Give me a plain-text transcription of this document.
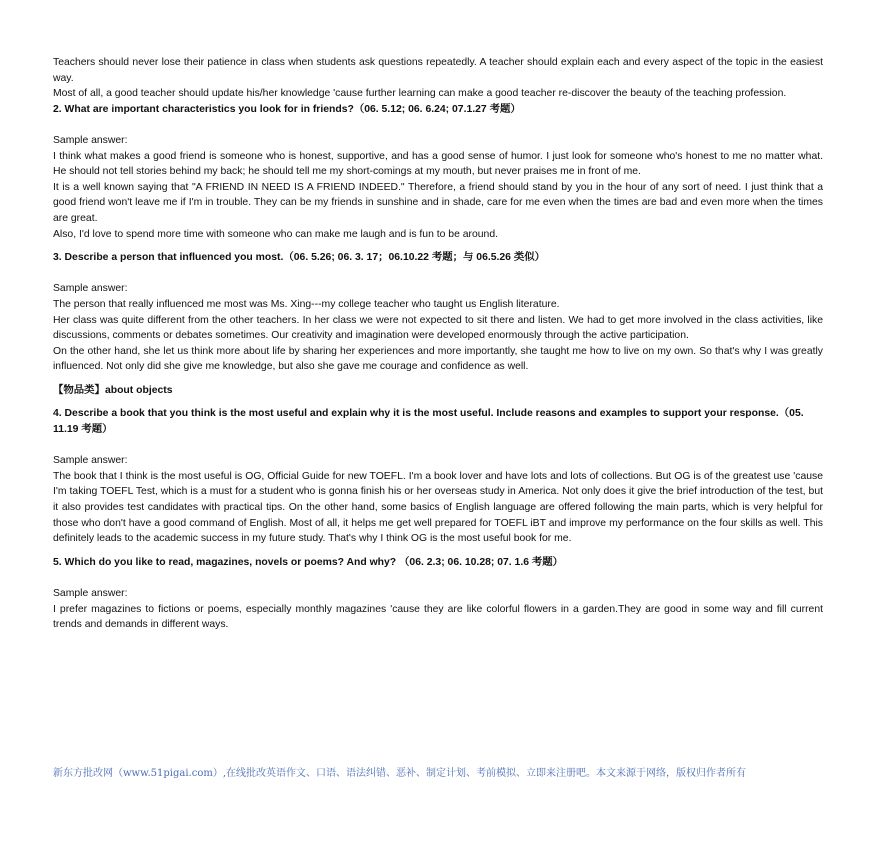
Teachers should never lose their patience in class when students ask questions repeatedly. A teacher should explain each and every aspect of the topic in the easiest way.

Most of all, a good teacher should update his/her knowledge 'cause further learning can make a good teacher re-discover the beauty of the teaching profession.

2. What are important characteristics you look for in friends?（06. 5.12; 06. 6.24; 07.1.27 考题）

Sample answer:

I think what makes a good friend is someone who is honest, supportive, and has a good sense of humor. I just look for someone who's honest to me no matter what. He should not tell stories behind my back; he should tell me my short-comings at my mouth, but never praises me in front of me.

It is a well known saying that "A FRIEND IN NEED IS A FRIEND INDEED." Therefore, a friend should stand by you in the hour of any sort of need. I just think that a good friend won't leave me if I'm in trouble. They can be my friends in sunshine and in shade, care for me even when the times are bad and even more when the times are great.

Also, I'd love to spend more time with someone who can make me laugh and is fun to be around.

3. Describe a person that influenced you most.（06. 5.26; 06. 3. 17；06.10.22 考题；与 06.5.26 类似）

Sample answer:

The person that really influenced me most was Ms. Xing---my college teacher who taught us English literature.

Her class was quite different from the other teachers. In her class we were not expected to sit there and listen. We had to get more involved in the class activities, like discussions, comments or debates sometimes. Our creativity and imagination were developed enormously through the active participation.

On the other hand, she let us think more about life by sharing her experiences and more importantly, she taught me how to live on my own. So that's why I was greatly influenced. Not only did she give me knowledge, but also she gave me courage and confidence as well.

【物品类】about objects

4. Describe a book that you think is the most useful and explain why it is the most useful. Include reasons and examples to support your response.（05. 11.19 考题）

Sample answer:

The book that I think is the most useful is OG, Official Guide for new TOEFL. I'm a book lover and have lots and lots of collections. But OG is of the greatest use 'cause I'm taking TOEFL Test, which is a must for a student who is gonna finish his or her overseas study in America. Not only does it give the brief introduction of the test, but it also provides test candidates with practical tips. On the other hand, some basics of English language are offered following the main parts, which is very helpful for those who don't have a good command of English. Most of all, it helps me get well prepared for TOEFL iBT and improve my performance on the four skills as well. This definitely leads to the academic success in my future study. That's why I think OG is the most useful book for me.

5. Which do you like to read, magazines, novels or poems? And why? （06. 2.3; 06. 10.28; 07. 1.6 考题）

Sample answer:

I prefer magazines to fictions or poems, especially monthly magazines 'cause they are like colorful flowers in a garden.They are good in some way and fill current trends and demands in different ways.

新东方批改网（www.51pigai.com）,在线批改英语作文、口语、语法纠错、恶补、制定计划、考前模拟、立即来注册吧。本文来源于网络，版权归作者所有
